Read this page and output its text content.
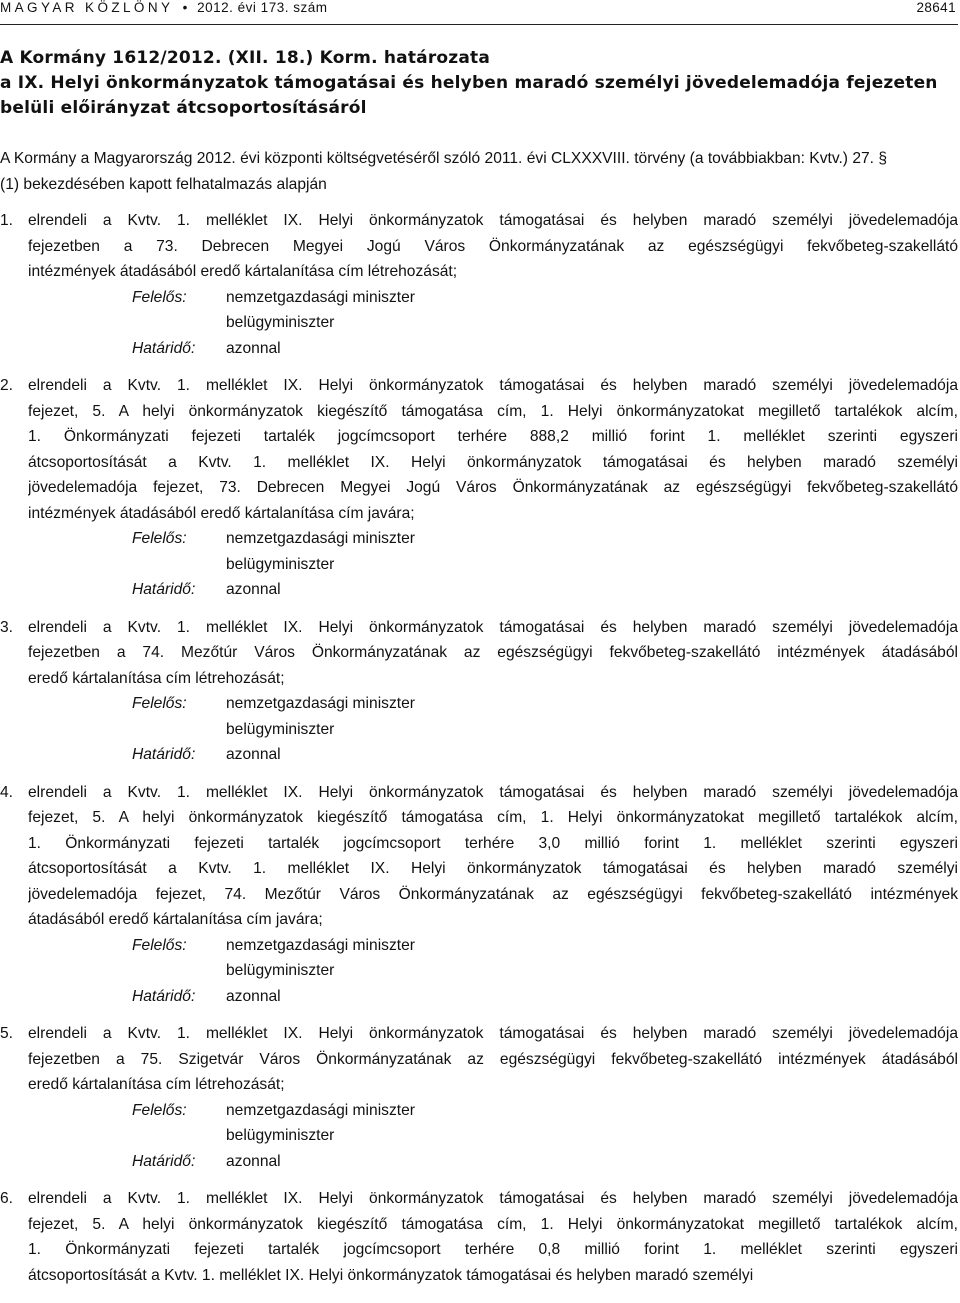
MAGYAR KÖZLÖNY • 2012. évi 173. szám	28641
A Kormány 1612/2012. (XII. 18.) Korm. határozata
a IX. Helyi önkormányzatok támogatásai és helyben maradó személyi jövedelemadója fejezeten
belüli előirányzat átcsoportosításáról
A Kormány a Magyarország 2012. évi központi költségvetéséről szóló 2011. évi CLXXXVIII. törvény (a továbbiakban: Kvtv.) 27. §
(1) bekezdésében kapott felhatalmazás alapján
1. elrendeli a Kvtv. 1. melléklet IX. Helyi önkormányzatok támogatásai és helyben maradó személyi jövedelemadója
fejezetben a 73. Debrecen Megyei Jogú Város Önkormányzatának az egészségügyi fekvőbeteg-szakellátó
intézmények átadásából eredő kártalanítása cím létrehozását;
Felelős:	nemzetgazdasági miniszter
belügyminiszter
Határidő: azonnal
2. elrendeli a Kvtv. 1. melléklet IX. Helyi önkormányzatok támogatásai és helyben maradó személyi jövedelemadója
fejezet, 5. A helyi önkormányzatok kiegészítő támogatása cím, 1. Helyi önkormányzatokat megillető tartalékok alcím,
1. Önkormányzati fejezeti tartalék jogcímcsoport terhére 888,2 millió forint 1. melléklet szerinti egyszeri
átcsoportosítását a Kvtv. 1. melléklet IX. Helyi önkormányzatok támogatásai és helyben maradó személyi
jövedelemadója fejezet, 73. Debrecen Megyei Jogú Város Önkormányzatának az egészségügyi fekvőbeteg-szakellátó
intézmények átadásából eredő kártalanítása cím javára;
Felelős:	nemzetgazdasági miniszter
belügyminiszter
Határidő: azonnal
3. elrendeli a Kvtv. 1. melléklet IX. Helyi önkormányzatok támogatásai és helyben maradó személyi jövedelemadója
fejezetben a 74. Mezőtúr Város Önkormányzatának az egészségügyi fekvőbeteg-szakellátó intézmények átadásából
eredő kártalanítása cím létrehozását;
Felelős:	nemzetgazdasági miniszter
belügyminiszter
Határidő: azonnal
4. elrendeli a Kvtv. 1. melléklet IX. Helyi önkormányzatok támogatásai és helyben maradó személyi jövedelemadója
fejezet, 5. A helyi önkormányzatok kiegészítő támogatása cím, 1. Helyi önkormányzatokat megillető tartalékok alcím,
1. Önkormányzati fejezeti tartalék jogcímcsoport terhére 3,0 millió forint 1. melléklet szerinti egyszeri
átcsoportosítását a Kvtv. 1. melléklet IX. Helyi önkormányzatok támogatásai és helyben maradó személyi
jövedelemadója fejezet, 74. Mezőtúr Város Önkormányzatának az egészségügyi fekvőbeteg-szakellátó intézmények
átadásából eredő kártalanítása cím javára;
Felelős:	nemzetgazdasági miniszter
belügyminiszter
Határidő: azonnal
5. elrendeli a Kvtv. 1. melléklet IX. Helyi önkormányzatok támogatásai és helyben maradó személyi jövedelemadója
fejezetben a 75. Szigetvár Város Önkormányzatának az egészségügyi fekvőbeteg-szakellátó intézmények átadásából
eredő kártalanítása cím létrehozását;
Felelős:	nemzetgazdasági miniszter
belügyminiszter
Határidő: azonnal
6. elrendeli a Kvtv. 1. melléklet IX. Helyi önkormányzatok támogatásai és helyben maradó személyi jövedelemadója
fejezet, 5. A helyi önkormányzatok kiegészítő támogatása cím, 1. Helyi önkormányzatokat megillető tartalékok alcím,
1. Önkormányzati fejezeti tartalék jogcímcsoport terhére 0,8 millió forint 1. melléklet szerinti egyszeri
átcsoportosítását a Kvtv. 1. melléklet IX. Helyi önkormányzatok támogatásai és helyben maradó személyi
